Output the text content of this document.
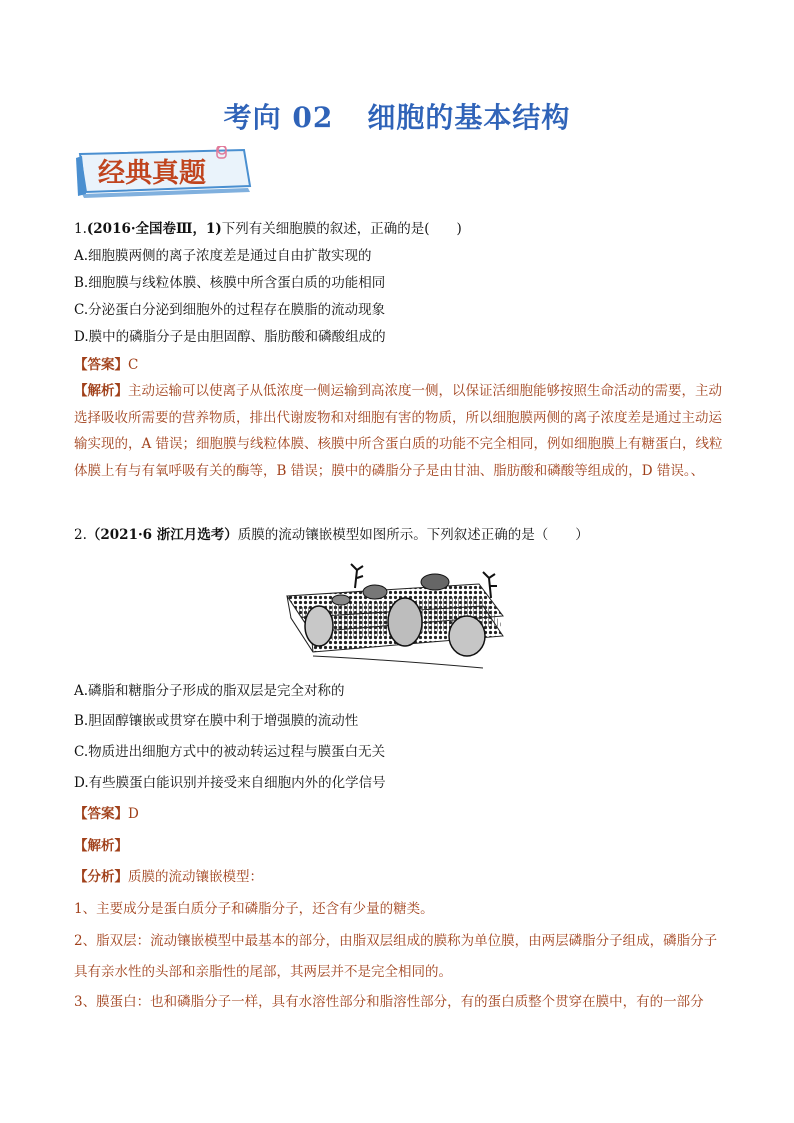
考向 02 细胞的基本结构
经典真题
1.(2016·全国卷Ⅲ，1)下列有关细胞膜的叙述，正确的是(　　)
A.细胞膜两侧的离子浓度差是通过自由扩散实现的
B.细胞膜与线粒体膜、核膜中所含蛋白质的功能相同
C.分泌蛋白分泌到细胞外的过程存在膜脂的流动现象
D.膜中的磷脂分子是由胆固醇、脂肪酸和磷酸组成的
【答案】C
【解析】主动运输可以使离子从低浓度一侧运输到高浓度一侧，以保证活细胞能够按照生命活动的需要，主动选择吸收所需要的营养物质，排出代谢废物和对细胞有害的物质，所以细胞膜两侧的离子浓度差是通过主动运输实现的，A 错误；细胞膜与线粒体膜、核膜中所含蛋白质的功能不完全相同，例如细胞膜上有糖蛋白，线粒体膜上有与有氧呼吸有关的酶等，B 错误；膜中的磷脂分子是由甘油、脂肪酸和磷酸等组成的，D 错误。、
2.（2021·6 浙江月选考）质膜的流动镶嵌模型如图所示。下列叙述正确的是（　　）
A.磷脂和糖脂分子形成的脂双层是完全对称的
B.胆固醇镶嵌或贯穿在膜中利于增强膜的流动性
C.物质进出细胞方式中的被动转运过程与膜蛋白无关
D.有些膜蛋白能识别并接受来自细胞内外的化学信号
【答案】D
【解析】
【分析】质膜的流动镶嵌模型：
1、主要成分是蛋白质分子和磷脂分子，还含有少量的糖类。
2、脂双层：流动镶嵌模型中最基本的部分，由脂双层组成的膜称为单位膜，由两层磷脂分子组成，磷脂分子具有亲水性的头部和亲脂性的尾部，其两层并不是完全相同的。
3、膜蛋白：也和磷脂分子一样，具有水溶性部分和脂溶性部分，有的蛋白质整个贯穿在膜中，有的一部分
